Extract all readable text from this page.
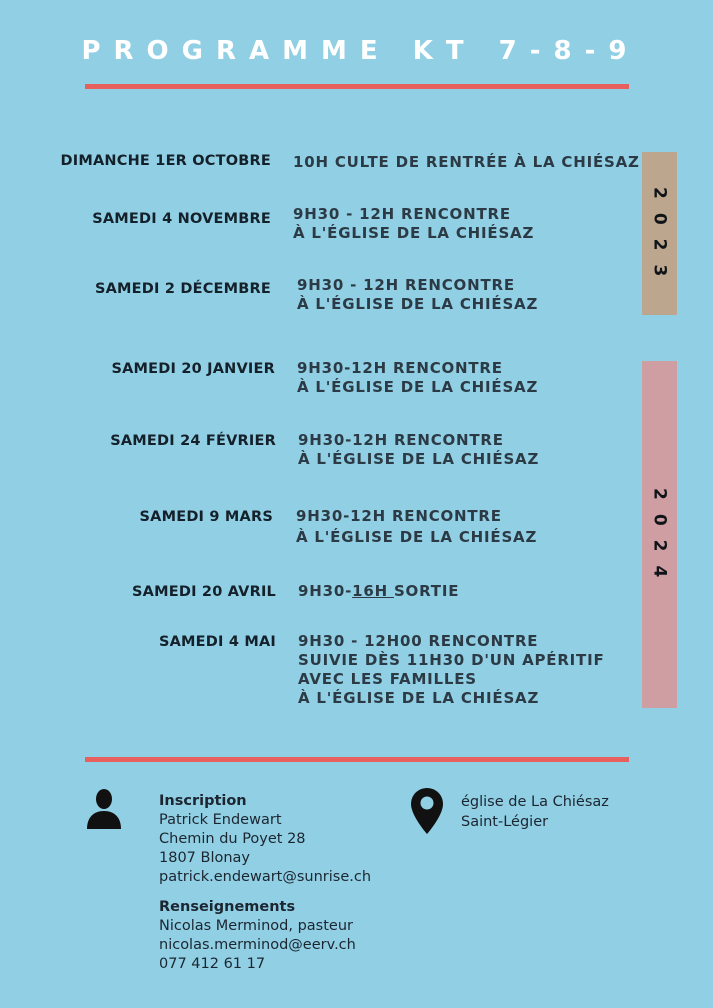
PROGRAMME KT 7-8-9
DIMANCHE 1ER OCTOBRE 10H CULTE DE RENTRÉE À LA CHIÉSAZ
SAMEDI 4 NOVEMBRE 9H30 - 12H RENCONTRE
À L'ÉGLISE DE LA CHIÉSAZ
SAMEDI 2 DÉCEMBRE 9H30 - 12H RENCONTRE
À L'ÉGLISE DE LA CHIÉSAZ
SAMEDI 20 JANVIER 9H30-12H RENCONTRE
À L'ÉGLISE DE LA CHIÉSAZ
SAMEDI 24 FÉVRIER 9H30-12H RENCONTRE
À L'ÉGLISE DE LA CHIÉSAZ
SAMEDI 9 MARS 9H30-12H RENCONTRE
À L'ÉGLISE DE LA CHIÉSAZ
SAMEDI 20 AVRIL 9H30-16H SORTIE
SAMEDI 4 MAI 9H30 - 12H00 RENCONTRE
SUIVIE DÈS 11H30 D'UN APÉRITIF
AVEC LES FAMILLES
À L'ÉGLISE DE LA CHIÉSAZ
2023
2024
Inscription
Patrick Endewart
Chemin du Poyet 28
1807 Blonay
patrick.endewart@sunrise.ch
Renseignements
Nicolas Merminod, pasteur
nicolas.merminod@eerv.ch
077 412 61 17
église de La Chiésaz
Saint-Légier
